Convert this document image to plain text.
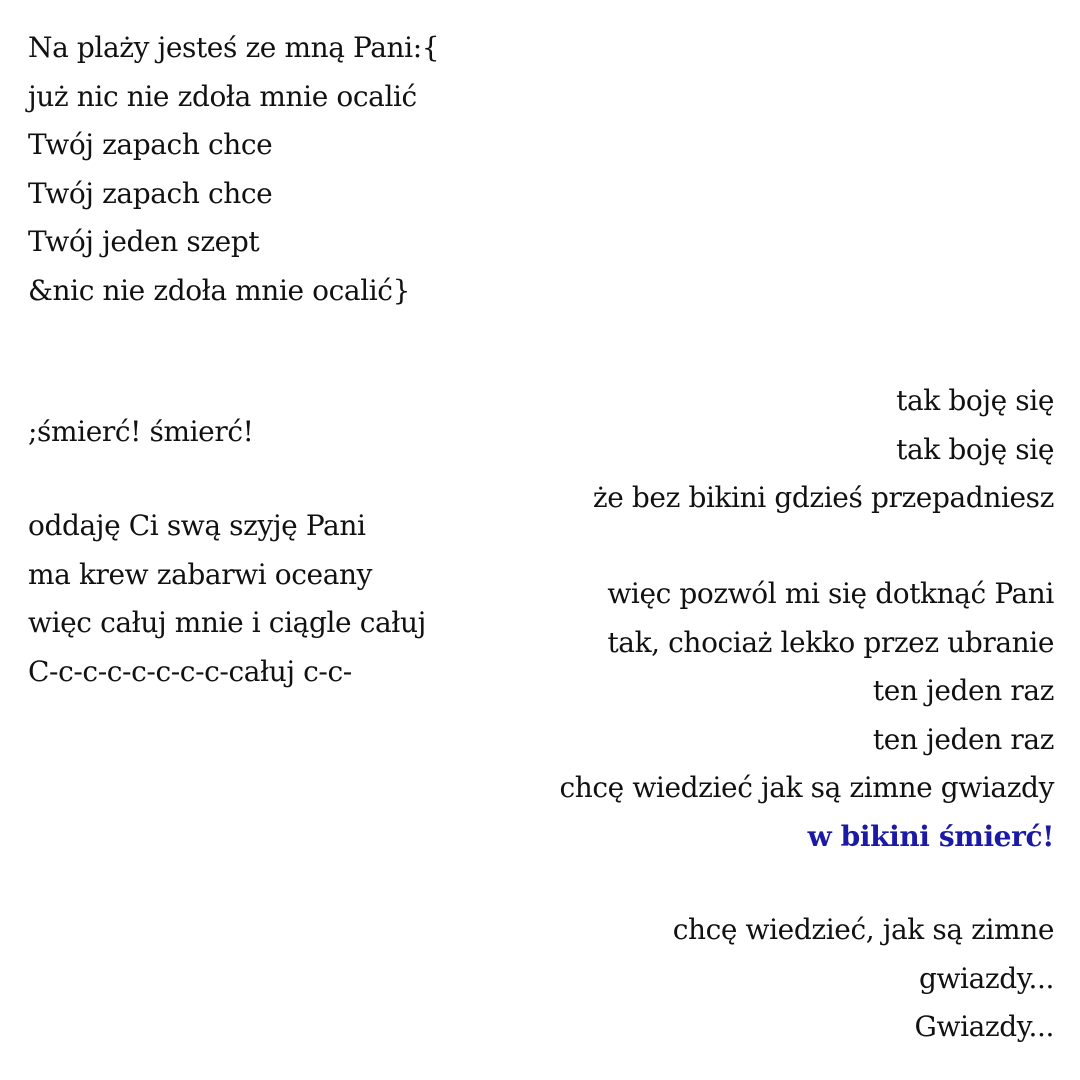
Na plaży jesteś ze mną Pani:{
już nic nie zdoła mnie ocalić
Twój zapach chce
Twój zapach chce
Twój jeden szept
&nic nie zdoła mnie ocalić}
;śmierć! śmierć!
oddaję Ci swą szyję Pani
ma krew zabarwi oceany
więc całuj mnie i ciągle całuj
C-c-c-c-c-c-c-c-całuj c-c-
tak boję się
tak boję się
że bez bikini gdzieś przepadniesz
więc pozwól mi się dotknąć Pani
tak, chociaż lekko przez ubranie
ten jeden raz
ten jeden raz
chcę wiedzieć jak są zimne gwiazdy
w bikini śmierć!
chcę wiedzieć, jak są zimne
gwiazdy...
Gwiazdy...
